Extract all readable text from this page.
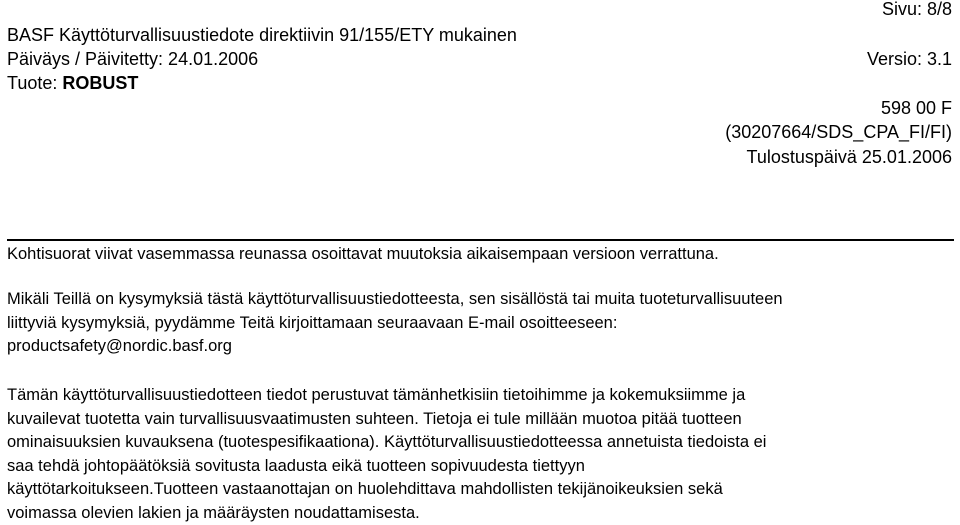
Sivu: 8/8
BASF Käyttöturvallisuustiedote direktiivin 91/155/ETY mukainen
Päiväys / Päivitetty: 24.01.2006	Versio: 3.1
Tuote: ROBUST
598 00 F
(30207664/SDS_CPA_FI/FI)
Tulostuspäivä 25.01.2006
Kohtisuorat viivat vasemmassa reunassa osoittavat muutoksia aikaisempaan versioon verrattuna.
Mikäli Teillä on kysymyksiä tästä käyttöturvallisuustiedotteesta, sen sisällöstä tai muita tuoteturvallisuuteen
liittyviä kysymyksiä, pyydämme Teitä kirjoittamaan seuraavaan E-mail osoitteeseen:
productsafety@nordic.basf.org
Tämän käyttöturvallisuustiedotteen tiedot perustuvat tämänhetkisiin tietoihimme ja kokemuksiimme ja
kuvailevat tuotetta vain turvallisuusvaatimusten suhteen. Tietoja ei tule millään muotoa pitää tuotteen
ominaisuuksien kuvauksena (tuotespesifikaationa). Käyttöturvallisuustiedotteessa annetuista tiedoista ei
saa tehdä johtopäätöksiä sovitusta laadusta eikä tuotteen sopivuudesta tiettyyn
käyttötarkoitukseen.Tuotteen vastaanottajan on huolehdittava mahdollisten tekijänoikeuksien sekä
voimassa olevien lakien ja määräysten noudattamisesta.
